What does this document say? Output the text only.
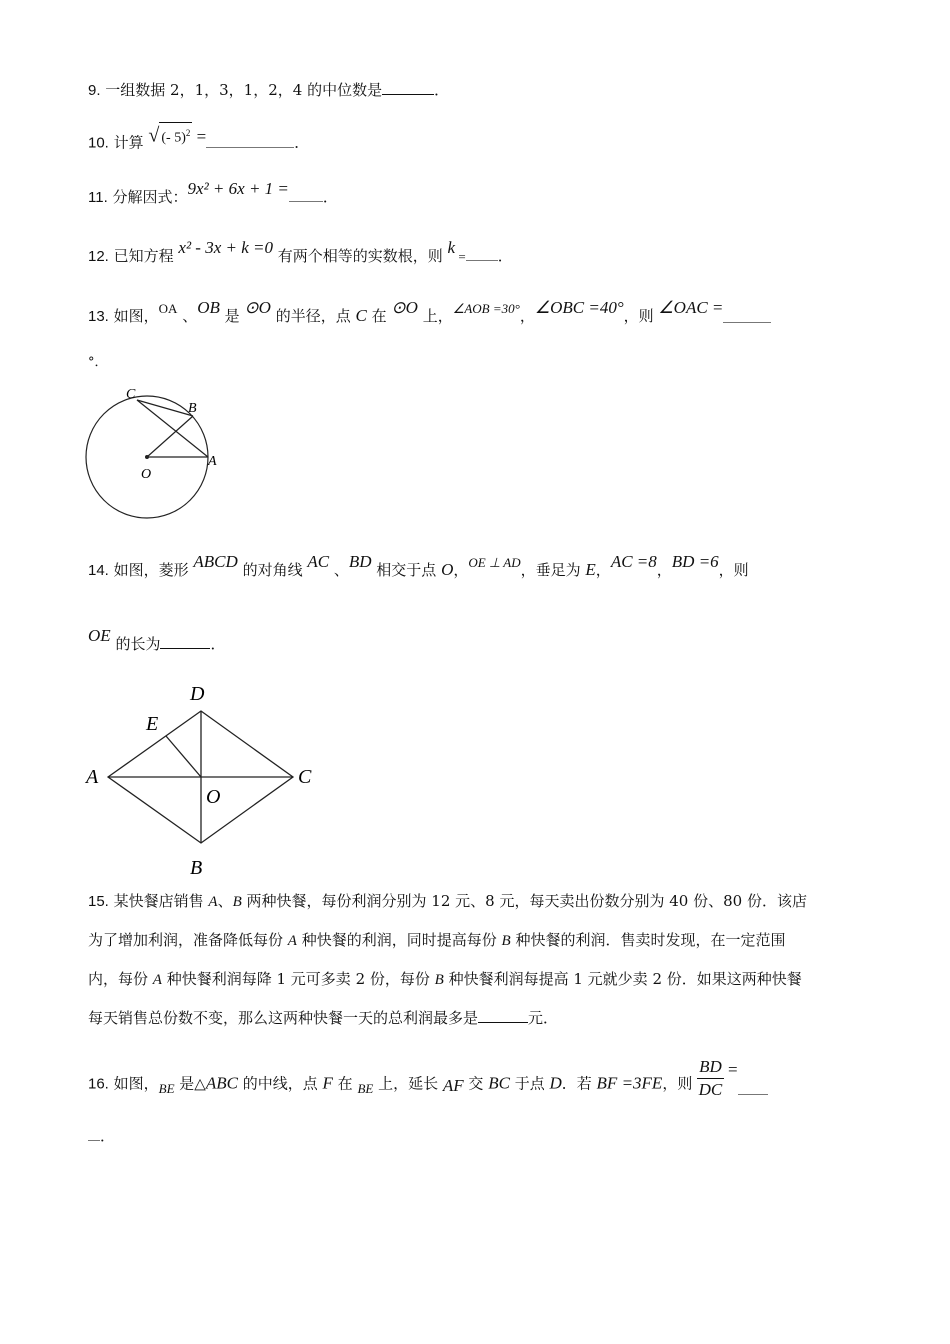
9. 一组数据 2，1，3，1，2，4 的中位数是	．
10. 计算 √ (- 5)$^2$ =	．
11. 分解因式：9x² + 6x + 1 = ．
12. 已知方程 x² - 3x + k =0 有两个相等的实数根，则 k = ．
13. 如图，OA 、OB 是 ⊙O 的半径，点 C 在 ⊙O 上，∠AOB =30°，∠OBC =40°，则 ∠OAC =
°．
C
B
O
A
14. 如图，菱形 ABCD 的对角线 AC 、BD 相交于点 O，OE ⊥ AD，垂足为 E，AC =8，BD =6，则
OE 的长为	．
D
E
A
O
C
B
15. 某快餐店销售 A、B 两种快餐，每份利润分别为 12 元、8 元，每天卖出份数分别为 40 份、80 份．该店
为了增加利润，准备降低每份 A 种快餐的利润，同时提高每份 B 种快餐的利润．售卖时发现，在一定范围
内，每份 A 种快餐利润每降 1 元可多卖 2 份，每份 B 种快餐利润每提高 1 元就少卖 2 份．如果这两种快餐
每天销售总份数不变，那么这两种快餐一天的总利润最多是	元．
16. 如图，BE 是△ABC 的中线，点 F 在 BE 上，延长 AF 交 BC 于点 D．若 BF =3FE，则 $\frac{BD}{DC}$ =
．
